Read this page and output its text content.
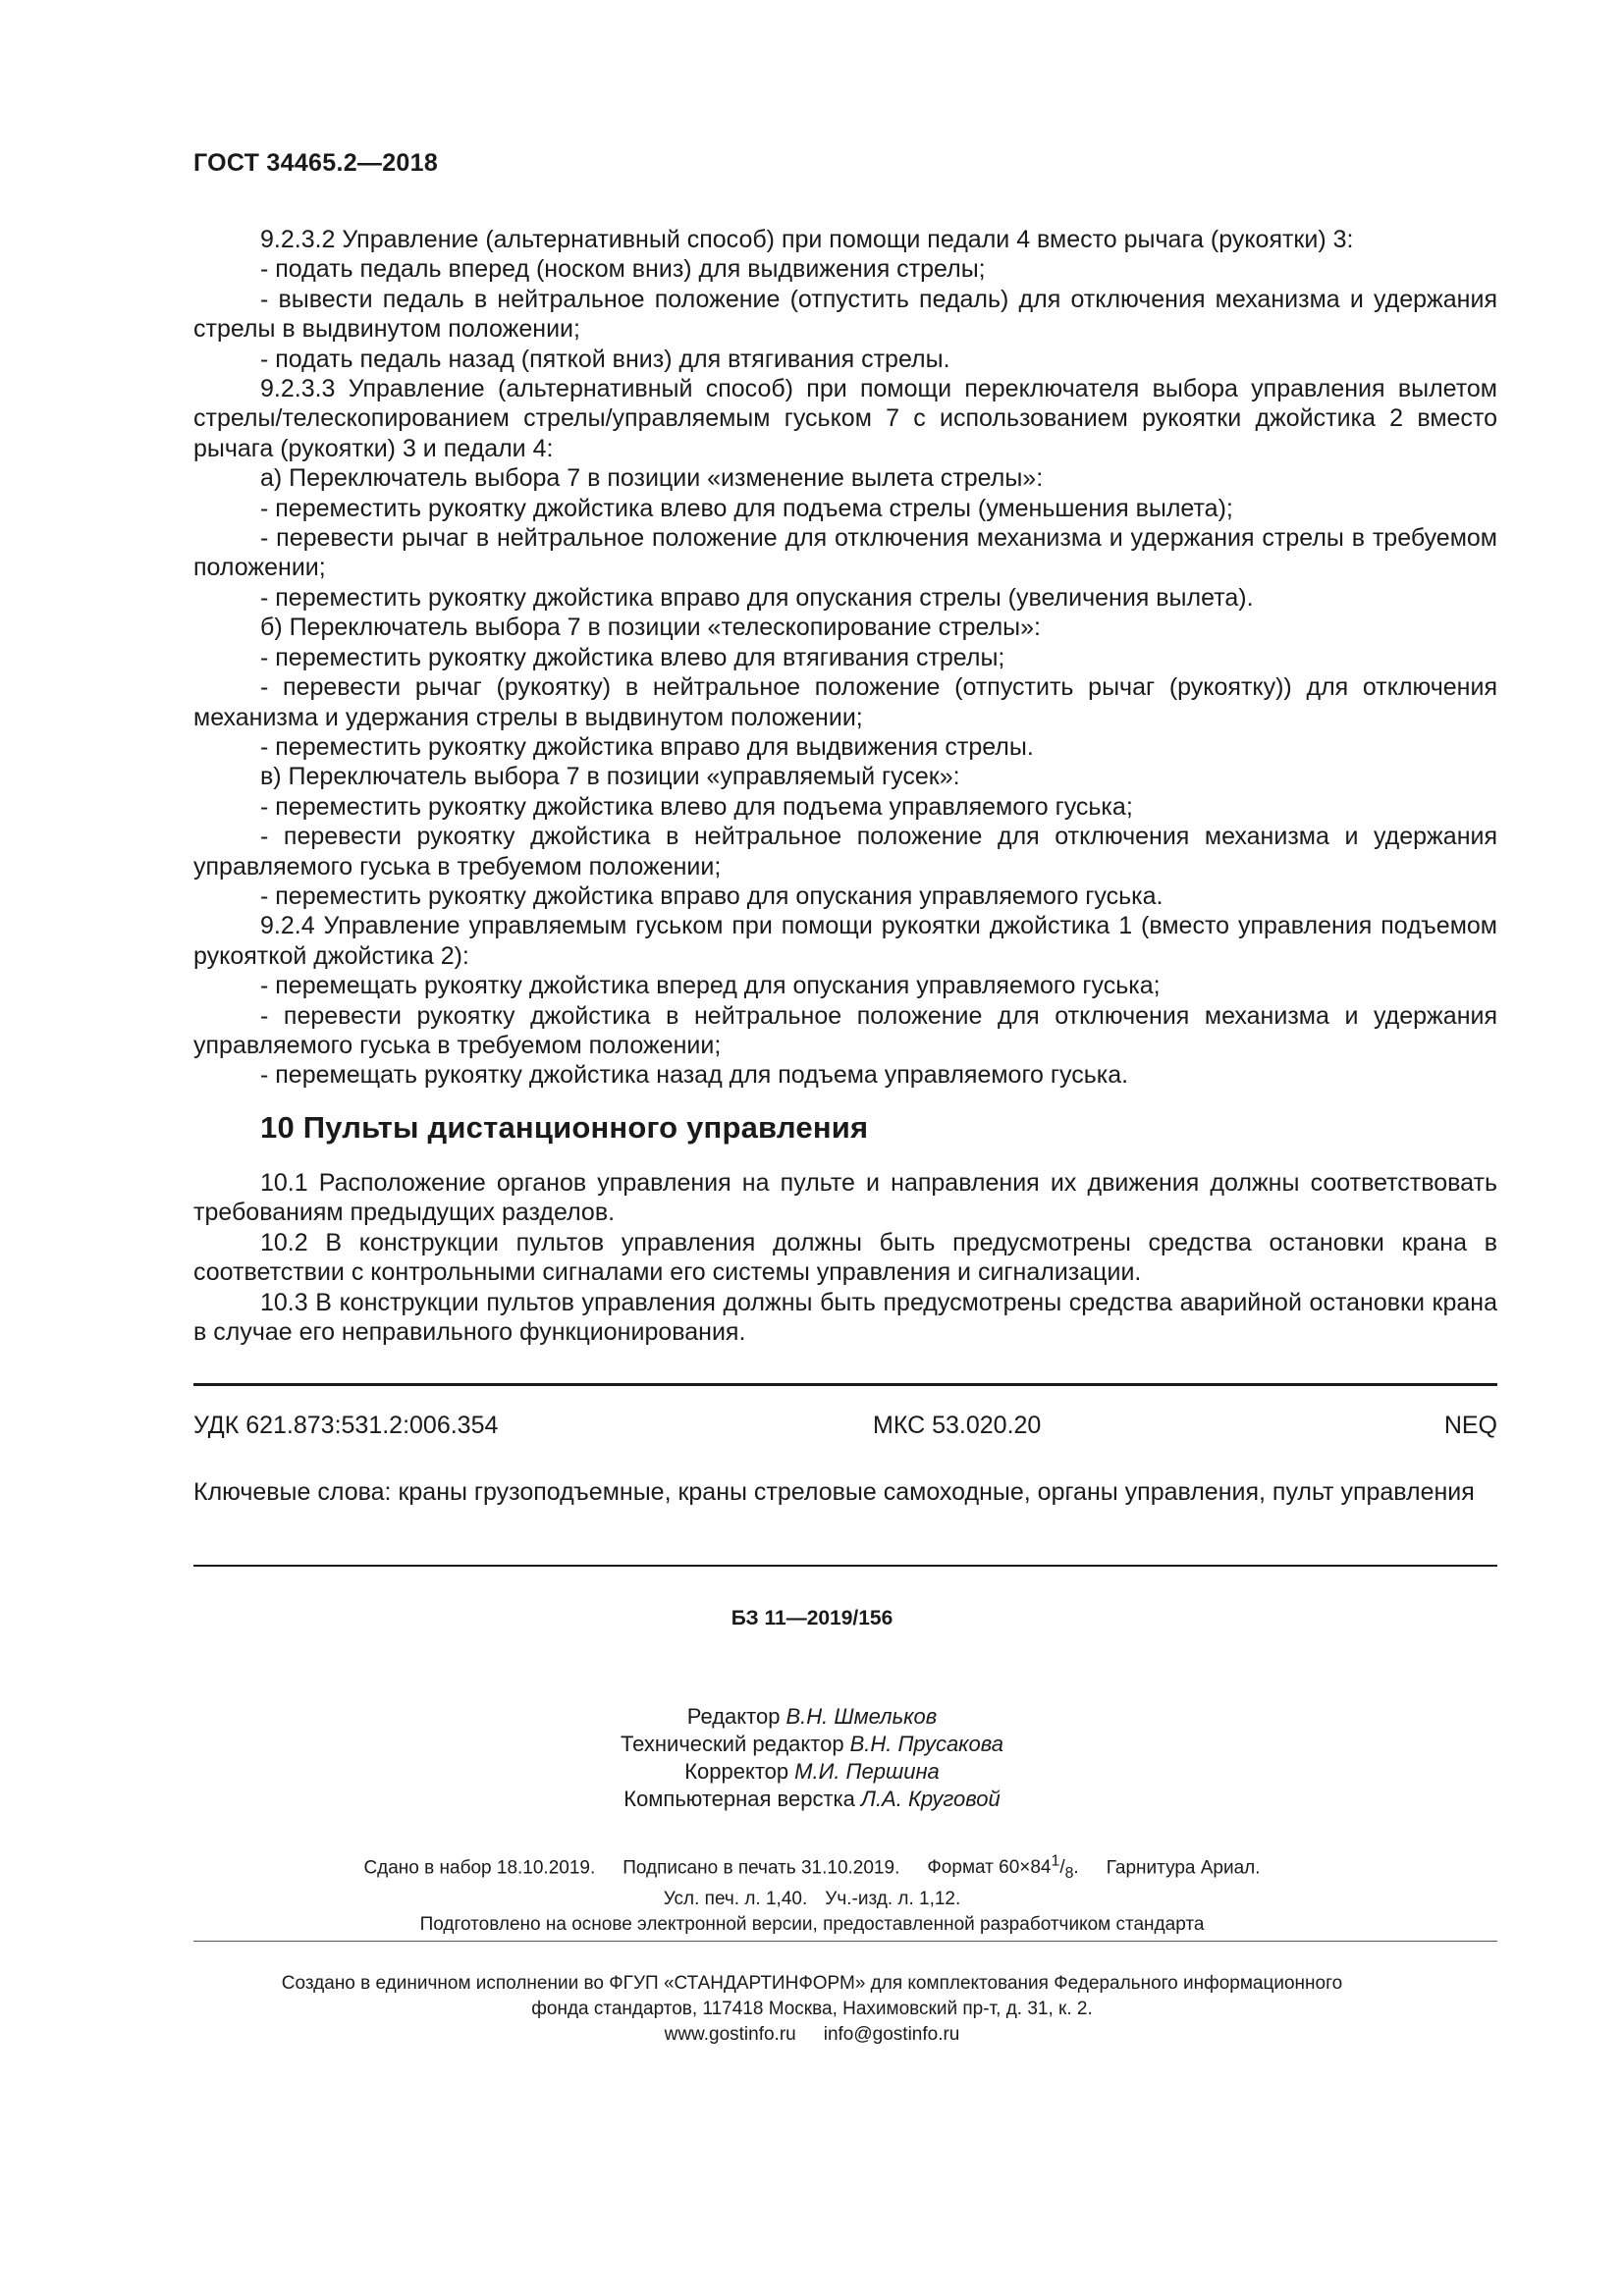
ГОСТ 34465.2—2018

9.2.3.2 Управление (альтернативный способ) при помощи педали 4 вместо рычага (рукоятки) 3:

- подать педаль вперед (носком вниз) для выдвижения стрелы;

- вывести педаль в нейтральное положение (отпустить педаль) для отключения механизма и удержания стрелы в выдвинутом положении;

- подать педаль назад (пяткой вниз) для втягивания стрелы.

9.2.3.3 Управление (альтернативный способ) при помощи переключателя выбора управления вылетом стрелы/телескопированием стрелы/управляемым гуськом 7 с использованием рукоятки джойстика 2 вместо рычага (рукоятки) 3 и педали 4:

а) Переключатель выбора 7 в позиции «изменение вылета стрелы»:

- переместить рукоятку джойстика влево для подъема стрелы (уменьшения вылета);

- перевести рычаг в нейтральное положение для отключения механизма и удержания стрелы в требуемом положении;

- переместить рукоятку джойстика вправо для опускания стрелы (увеличения вылета).

б) Переключатель выбора 7 в позиции «телескопирование стрелы»:

- переместить рукоятку джойстика влево для втягивания стрелы;

- перевести рычаг (рукоятку) в нейтральное положение (отпустить рычаг (рукоятку)) для отключения механизма и удержания стрелы в выдвинутом положении;

- переместить рукоятку джойстика вправо для выдвижения стрелы.

в) Переключатель выбора 7 в позиции «управляемый гусек»:

- переместить рукоятку джойстика влево для подъема управляемого гуська;

- перевести рукоятку джойстика в нейтральное положение для отключения механизма и удержания управляемого гуська в требуемом положении;

- переместить рукоятку джойстика вправо для опускания управляемого гуська.

9.2.4 Управление управляемым гуськом при помощи рукоятки джойстика 1 (вместо управления подъемом рукояткой джойстика 2):

- перемещать рукоятку джойстика вперед для опускания управляемого гуська;

- перевести рукоятку джойстика в нейтральное положение для отключения механизма и удержания управляемого гуська в требуемом положении;

- перемещать рукоятку джойстика назад для подъема управляемого гуська.

10 Пульты дистанционного управления

10.1 Расположение органов управления на пульте и направления их движения должны соответствовать требованиям предыдущих разделов.

10.2 В конструкции пультов управления должны быть предусмотрены средства остановки крана в соответствии с контрольными сигналами его системы управления и сигнализации.

10.3 В конструкции пультов управления должны быть предусмотрены средства аварийной остановки крана в случае его неправильного функционирования.

УДК 621.873:531.2:006.354	МКС 53.020.20	NEQ
Ключевые слова: краны грузоподъемные, краны стреловые самоходные, органы управления, пульт управления
БЗ 11—2019/156
Редактор В.Н. Шмельков
Технический редактор В.Н. Прусакова
Корректор М.И. Першина
Компьютерная верстка Л.А. Круговой
Сдано в набор 18.10.2019. Подписано в печать 31.10.2019. Формат $60\times 84^1/_8$. Гарнитура Ариал.
Усл. печ. л. 1,40. Уч.-изд. л. 1,12.
Подготовлено на основе электронной версии, предоставленной разработчиком стандарта
Создано в единичном исполнении во ФГУП «СТАНДАРТИНФОРМ» для комплектования Федерального информационного
фонда стандартов, 117418 Москва, Нахимовский пр-т, д. 31, к. 2.
www.gostinfo.ru info@gostinfo.ru
